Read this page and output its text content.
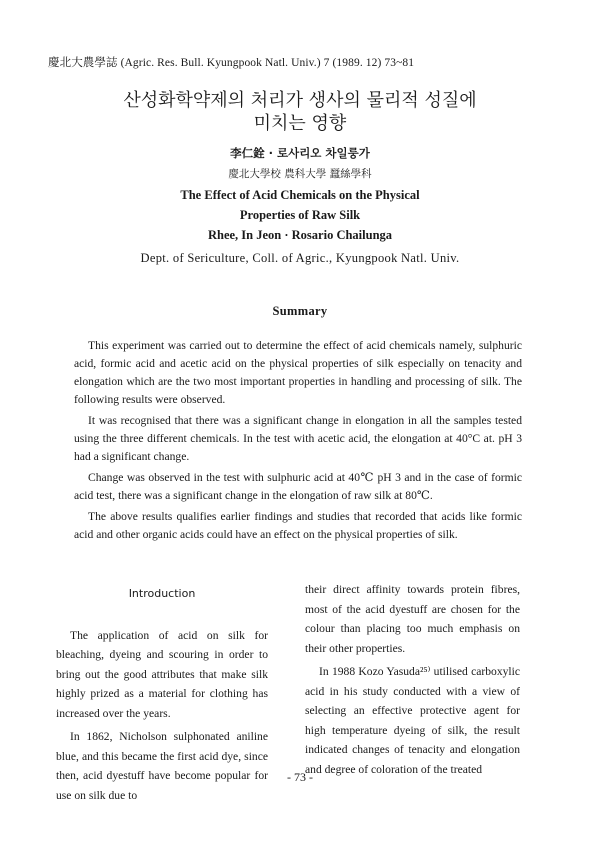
慶北大農學誌 (Agric. Res. Bull. Kyungpook Natl. Univ.) 7 (1989. 12) 73~81
산성화학약제의 처리가 생사의 물리적 성질에
미치는 영향
李仁銓 · 로사리오 차일룽가
慶北大學校 農科大學 蠶絲學科
The Effect of Acid Chemicals on the Physical
Properties of Raw Silk
Rhee, In Jeon · Rosario Chailunga
Dept. of Sericulture, Coll. of Agric., Kyungpook Natl. Univ.
Summary

This experiment was carried out to determine the effect of acid chemicals namely, sulphuric acid, formic acid and acetic acid on the physical properties of silk especially on tenacity and elongation which are the two most important properties in handling and processing of silk. The following results were observed.

It was recognised that there was a significant change in elongation in all the samples tested using the three different chemicals. In the test with acetic acid, the elongation at 40°C at. pH 3 had a significant change.

Change was observed in the test with sulphuric acid at 40℃ pH 3 and in the case of formic acid test, there was a significant change in the elongation of raw silk at 80℃.

The above results qualifies earlier findings and studies that recorded that acids like formic acid and other organic acids could have an effect on the physical properties of silk.

Introduction

The application of acid on silk for bleaching, dyeing and scouring in order to bring out the good attributes that make silk highly prized as a material for clothing has increased over the years.

In 1862, Nicholson sulphonated aniline blue, and this became the first acid dye, since then, acid dyestuff have become popular for use on silk due to

their direct affinity towards protein fibres, most of the acid dyestuff are chosen for the colour than placing too much emphasis on their other properties.

In 1988 Kozo Yasuda²⁵⁾ utilised carboxylic acid in his study conducted with a view of selecting an effective protective agent for high temperature dyeing of silk, the result indicated changes of tenacity and elongation and degree of coloration of the treated

- 73 -
